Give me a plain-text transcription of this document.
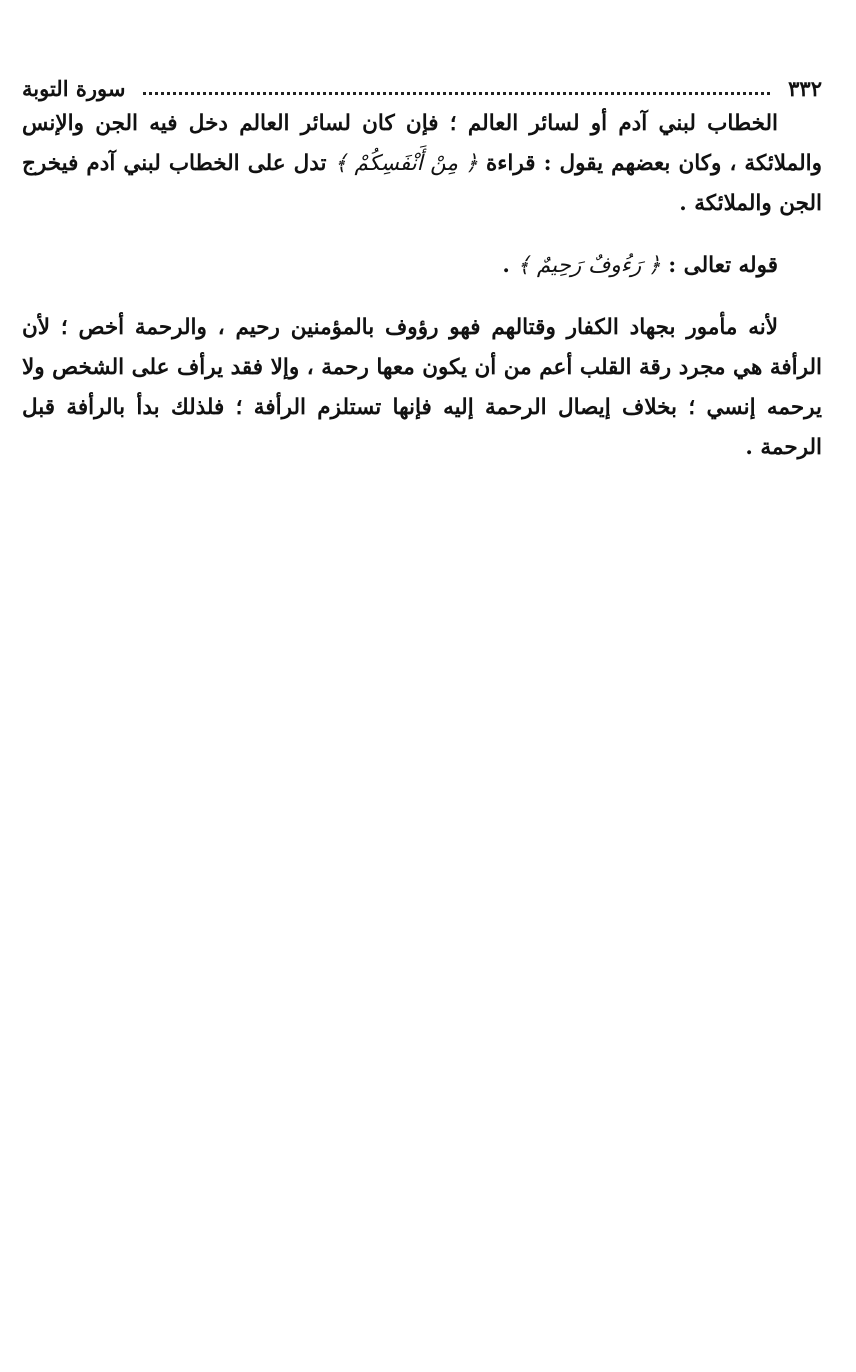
٣٣٢
سورة التوبة

الخطاب لبني آدم أو لسائر العالم ؛ فإن كان لسائر العالم دخل فيه الجن والإنس والملائكة ، وكان بعضهم يقول : قراءة ﴿ مِنْ أَنْفَسِكُمْ ﴾ تدل على الخطاب لبني آدم فيخرج الجن والملائكة .

قوله تعالى : ﴿ رَءُوفٌ رَحِيمٌ ﴾ .

لأنه مأمور بجهاد الكفار وقتالهم فهو رؤوف بالمؤمنين رحيم ، والرحمة أخص ؛ لأن الرأفة هي مجرد رقة القلب أعم من أن يكون معها رحمة ، وإلا فقد يرأف على الشخص ولا يرحمه إنسي ؛ بخلاف إيصال الرحمة إليه فإنها تستلزم الرأفة ؛ فلذلك بدأ بالرأفة قبل الرحمة .
